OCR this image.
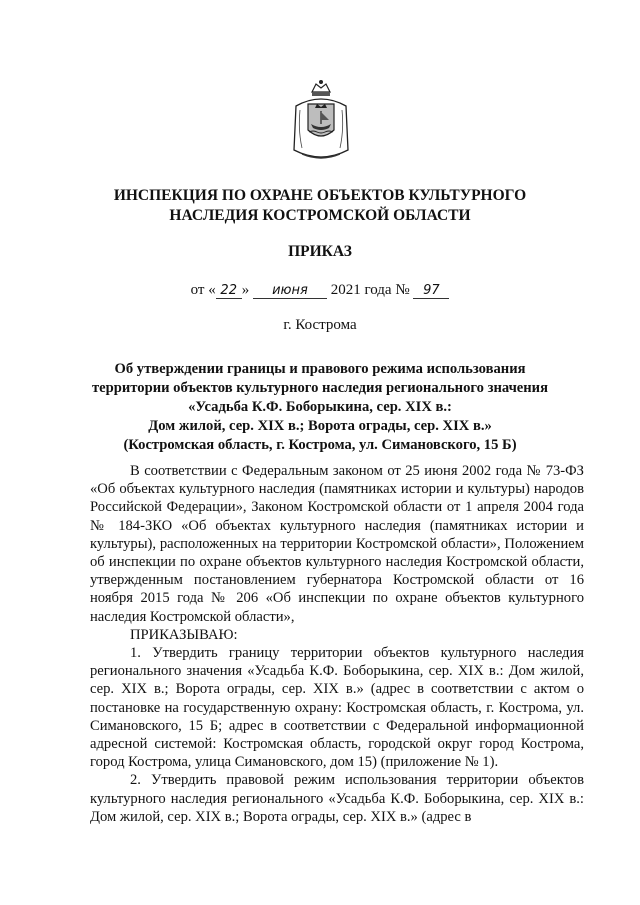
ИНСПЕКЦИЯ ПО ОХРАНЕ ОБЪЕКТОВ КУЛЬТУРНОГО
НАСЛЕДИЯ КОСТРОМСКОЙ ОБЛАСТИ
ПРИКАЗ
от « 22 » июня 2021 года № 97
г. Кострома
Об утверждении границы и правового режима использования
территории объектов культурного наследия регионального значения
«Усадьба К.Ф. Боборыкина, сер. XIX в.:
Дом жилой, сер. XIX в.; Ворота ограды, сер. XIX в.»
(Костромская область, г. Кострома, ул. Симановского, 15 Б)

В соответствии с Федеральным законом от 25 июня 2002 года № 73-ФЗ «Об объектах культурного наследия (памятниках истории и культуры) народов Российской Федерации», Законом Костромской области от 1 апреля 2004 года № 184-ЗКО «Об объектах культурного наследия (памятниках истории и культуры), расположенных на территории Костромской области», Положением об инспекции по охране объектов культурного наследия Костромской области, утвержденным постановлением губернатора Костромской области от 16 ноября 2015 года № 206 «Об инспекции по охране объектов культурного наследия Костромской области»,

ПРИКАЗЫВАЮ:

1. Утвердить границу территории объектов культурного наследия регионального значения «Усадьба К.Ф. Боборыкина, сер. XIX в.: Дом жилой, сер. XIX в.; Ворота ограды, сер. XIX в.» (адрес в соответствии с актом о постановке на государственную охрану: Костромская область, г. Кострома, ул. Симановского, 15 Б; адрес в соответствии с Федеральной информационной адресной системой: Костромская область, городской округ город Кострома, город Кострома, улица Симановского, дом 15) (приложение № 1).

2. Утвердить правовой режим использования территории объектов культурного наследия регионального «Усадьба К.Ф. Боборыкина, сер. XIX в.: Дом жилой, сер. XIX в.; Ворота ограды, сер. XIX в.» (адрес в
